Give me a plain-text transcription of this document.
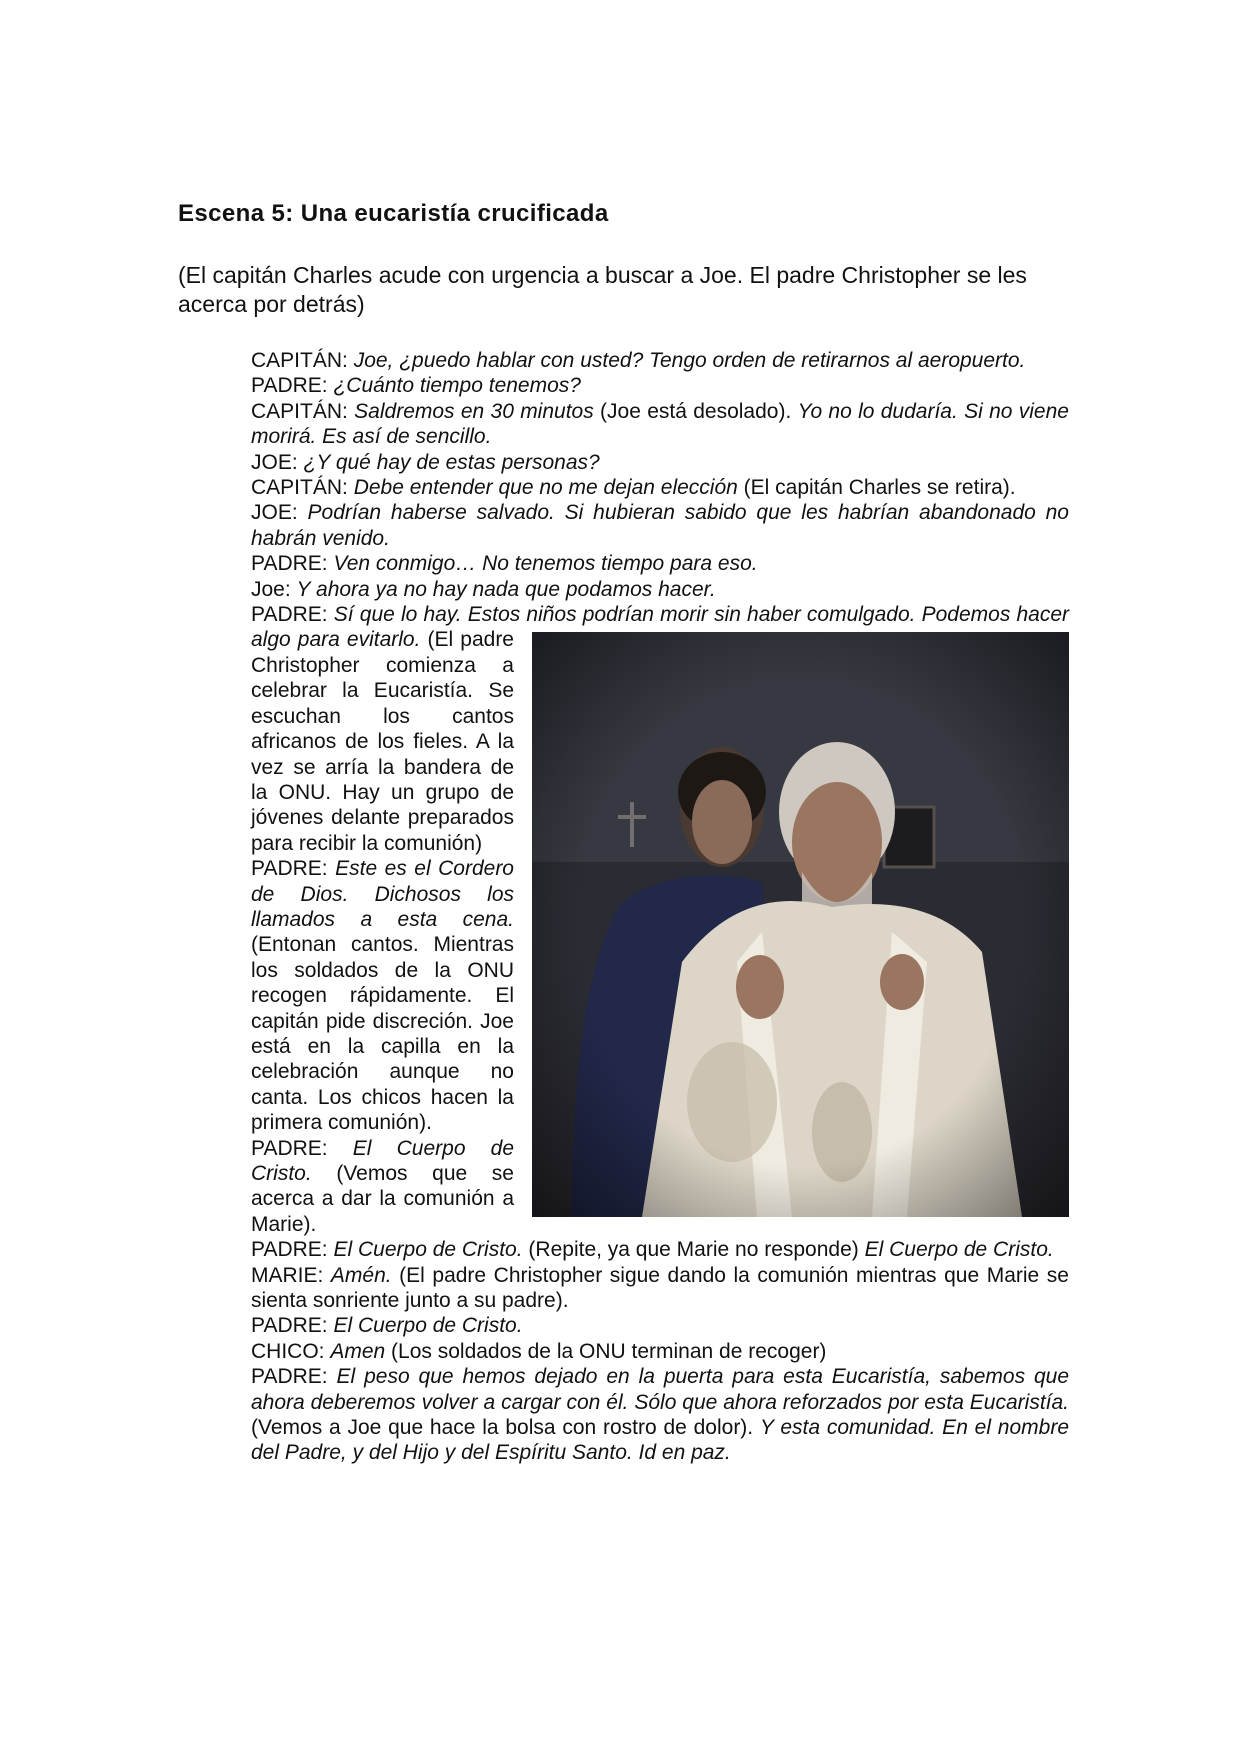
Escena 5: Una eucaristía crucificada
(El capitán Charles acude con urgencia a buscar a Joe. El padre Christopher se les acerca por detrás)

CAPITÁN: Joe, ¿puedo hablar con usted? Tengo orden de retirarnos al aeropuerto.

PADRE: ¿Cuánto tiempo tenemos?

CAPITÁN: Saldremos en 30 minutos (Joe está desolado). Yo no lo dudaría. Si no viene morirá. Es así de sencillo.

JOE: ¿Y qué hay de estas personas?

CAPITÁN: Debe entender que no me dejan elección (El capitán Charles se retira).

JOE: Podrían haberse salvado. Si hubieran sabido que les habrían abandonado no habrán venido.

PADRE: Ven conmigo… No tenemos tiempo para eso.

Joe: Y ahora ya no hay nada que podamos hacer.

PADRE: Sí que lo hay. Estos niños podrían morir sin haber comulgado. Podemos hacer algo para evitarlo. (El padre Christopher comienza a celebrar la Eucaristía. Se escuchan los cantos africanos de los fieles. A la vez se arría la bandera de la ONU. Hay un grupo de jóvenes delante preparados para recibir la comunión)

PADRE: Este es el Cordero de Dios. Dichosos los llamados a esta cena. (Entonan cantos. Mientras los soldados de la ONU recogen rápidamente. El capitán pide discreción. Joe está en la capilla en la celebración aunque no canta. Los chicos hacen la primera comunión).

PADRE: El Cuerpo de Cristo. (Vemos que se acerca a dar la comunión a Marie).

PADRE: El Cuerpo de Cristo. (Repite, ya que Marie no responde) El Cuerpo de Cristo.

MARIE: Amén. (El padre Christopher sigue dando la comunión mientras que Marie se sienta sonriente junto a su padre).

PADRE: El Cuerpo de Cristo.

CHICO: Amen (Los soldados de la ONU terminan de recoger)

PADRE: El peso que hemos dejado en la puerta para esta Eucaristía, sabemos que ahora deberemos volver a cargar con él. Sólo que ahora reforzados por esta Eucaristía. (Vemos a Joe que hace la bolsa con rostro de dolor). Y esta comunidad. En el nombre del Padre, y del Hijo y del Espíritu Santo. Id en paz.
